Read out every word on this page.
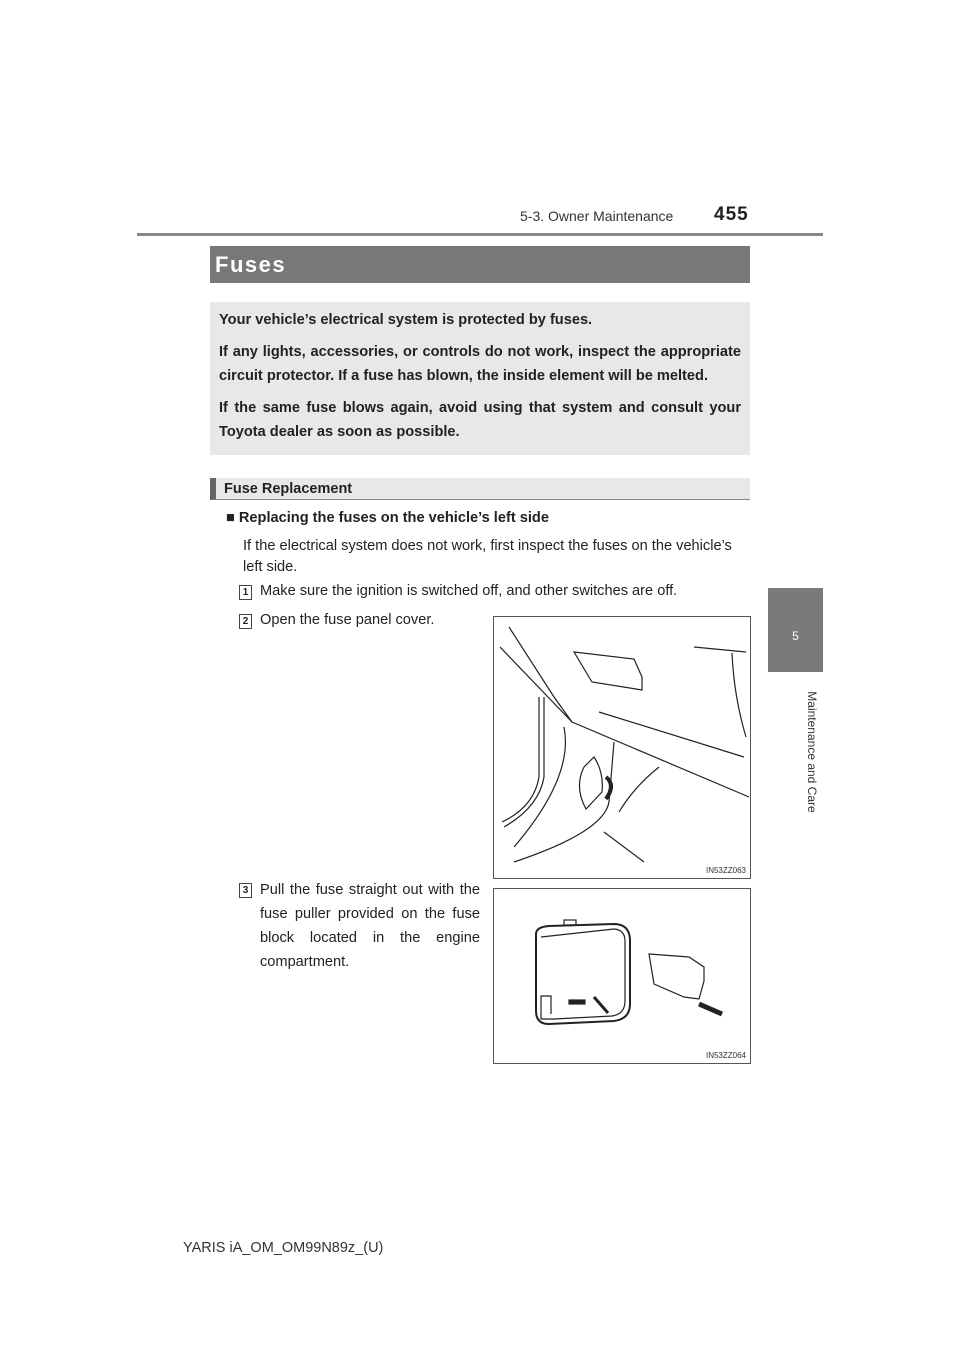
5-3. Owner Maintenance 455
Fuses

Your vehicle’s electrical system is protected by fuses.

If any lights, accessories, or controls do not work, inspect the appropriate circuit protector. If a fuse has blown, the inside element will be melted.

If the same fuse blows again, avoid using that system and consult your Toyota dealer as soon as possible.

Fuse Replacement
■ Replacing the fuses on the vehicle’s left side
If the electrical system does not work, first inspect the fuses on the vehicle’s left side.
1 Make sure the ignition is switched off, and other switches are off.
2 Open the fuse panel cover.
3 Pull the fuse straight out with the fuse puller provided on the fuse block located in the engine compartment.
IN53ZZ063
IN53ZZ064
5
Maintenance and Care
YARIS iA_OM_OM99N89z_(U)
